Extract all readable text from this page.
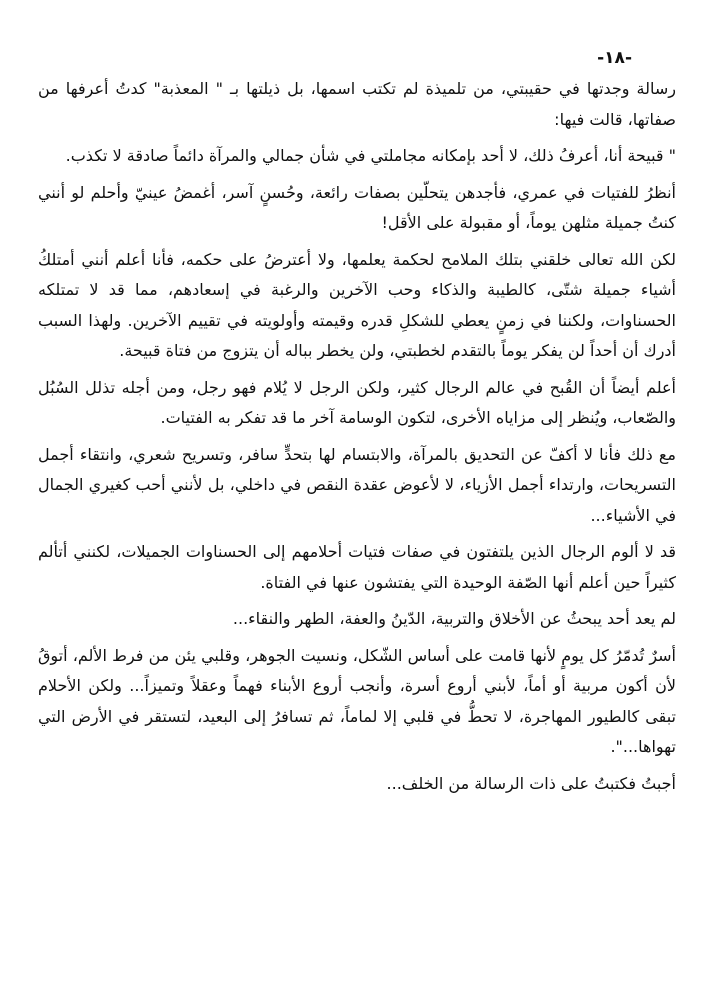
-١٨-

رسالة وجدتها في حقيبتي، من تلميذة لم تكتب اسمها، بل ذيلتها بـ " المعذبة" كدتُ أعرفها من صفاتها، قالت فيها:

" قبيحة أنا، أعرفُ ذلك، لا أحد بإمكانه مجاملتي في شأن جمالي والمرآة دائماً صادقة لا تكذب.

أنظرُ للفتيات في عمري، فأجدهن يتحلّين بصفات رائعة، وحُسنٍ آسر، أغمضُ عينيّ وأحلم لو أنني كنتُ جميلة مثلهن يوماً، أو مقبولة على الأقل!

لكن الله تعالى خلقني بتلك الملامح لحكمة يعلمها، ولا أعترضُ على حكمه، فأنا أعلم أنني أمتلكُ أشياء جميلة شتّى، كالطيبة والذكاء وحب الآخرين والرغبة في إسعادهم، مما قد لا تمتلكه الحسناوات، ولكننا في زمنٍ يعطي للشكلِ قدره وقيمته وأولويته في تقييم الآخرين. ولهذا السبب أدرك أن أحداً لن يفكر يوماً بالتقدم لخطبتي، ولن يخطر بباله أن يتزوج من فتاة قبيحة.

أعلم أيضاً أن القُبح في عالم الرجال كثير، ولكن الرجل لا يُلام فهو رجل، ومن أجله تذلل السُبُل والصّعاب، ويُنظر إلى مزاياه الأخرى، لتكون الوسامة آخر ما قد تفكر به الفتيات.

مع ذلك فأنا لا أكفّ عن التحديق بالمرآة، والابتسام لها بتحدٍّ سافر، وتسريح شعري، وانتقاء أجمل التسريحات، وارتداء أجمل الأزياء، لا لأعوض عقدة النقص في داخلي، بل لأنني أحب كغيري الجمال في الأشياء...

قد لا ألوم الرجال الذين يلتفتون في صفات فتيات أحلامهم إلى الحسناوات الجميلات، لكنني أتألم كثيراً حين أعلم أنها الصّفة الوحيدة التي يفتشون عنها في الفتاة.

لم يعد أحد يبحثُ عن الأخلاق والتربية، الدّينُ والعفة، الطهر والنقاء...

أسرٌ تُدمّرُ كل يومٍ لأنها قامت على أساس الشّكل، ونسيت الجوهر، وقلبي يئن من فرط الألم، أتوقُ لأن أكون مربية أو أماً، لأبني أروع أسرة، وأنجب أروع الأبناء فهماً وعقلاً وتميزاً... ولكن الأحلام تبقى كالطيور المهاجرة، لا تحطُّ في قلبي إلا لماماً، ثم تسافرُ إلى البعيد، لتستقر في الأرض التي تهواها...".

أجبتُ فكتبتُ على ذات الرسالة من الخلف...
